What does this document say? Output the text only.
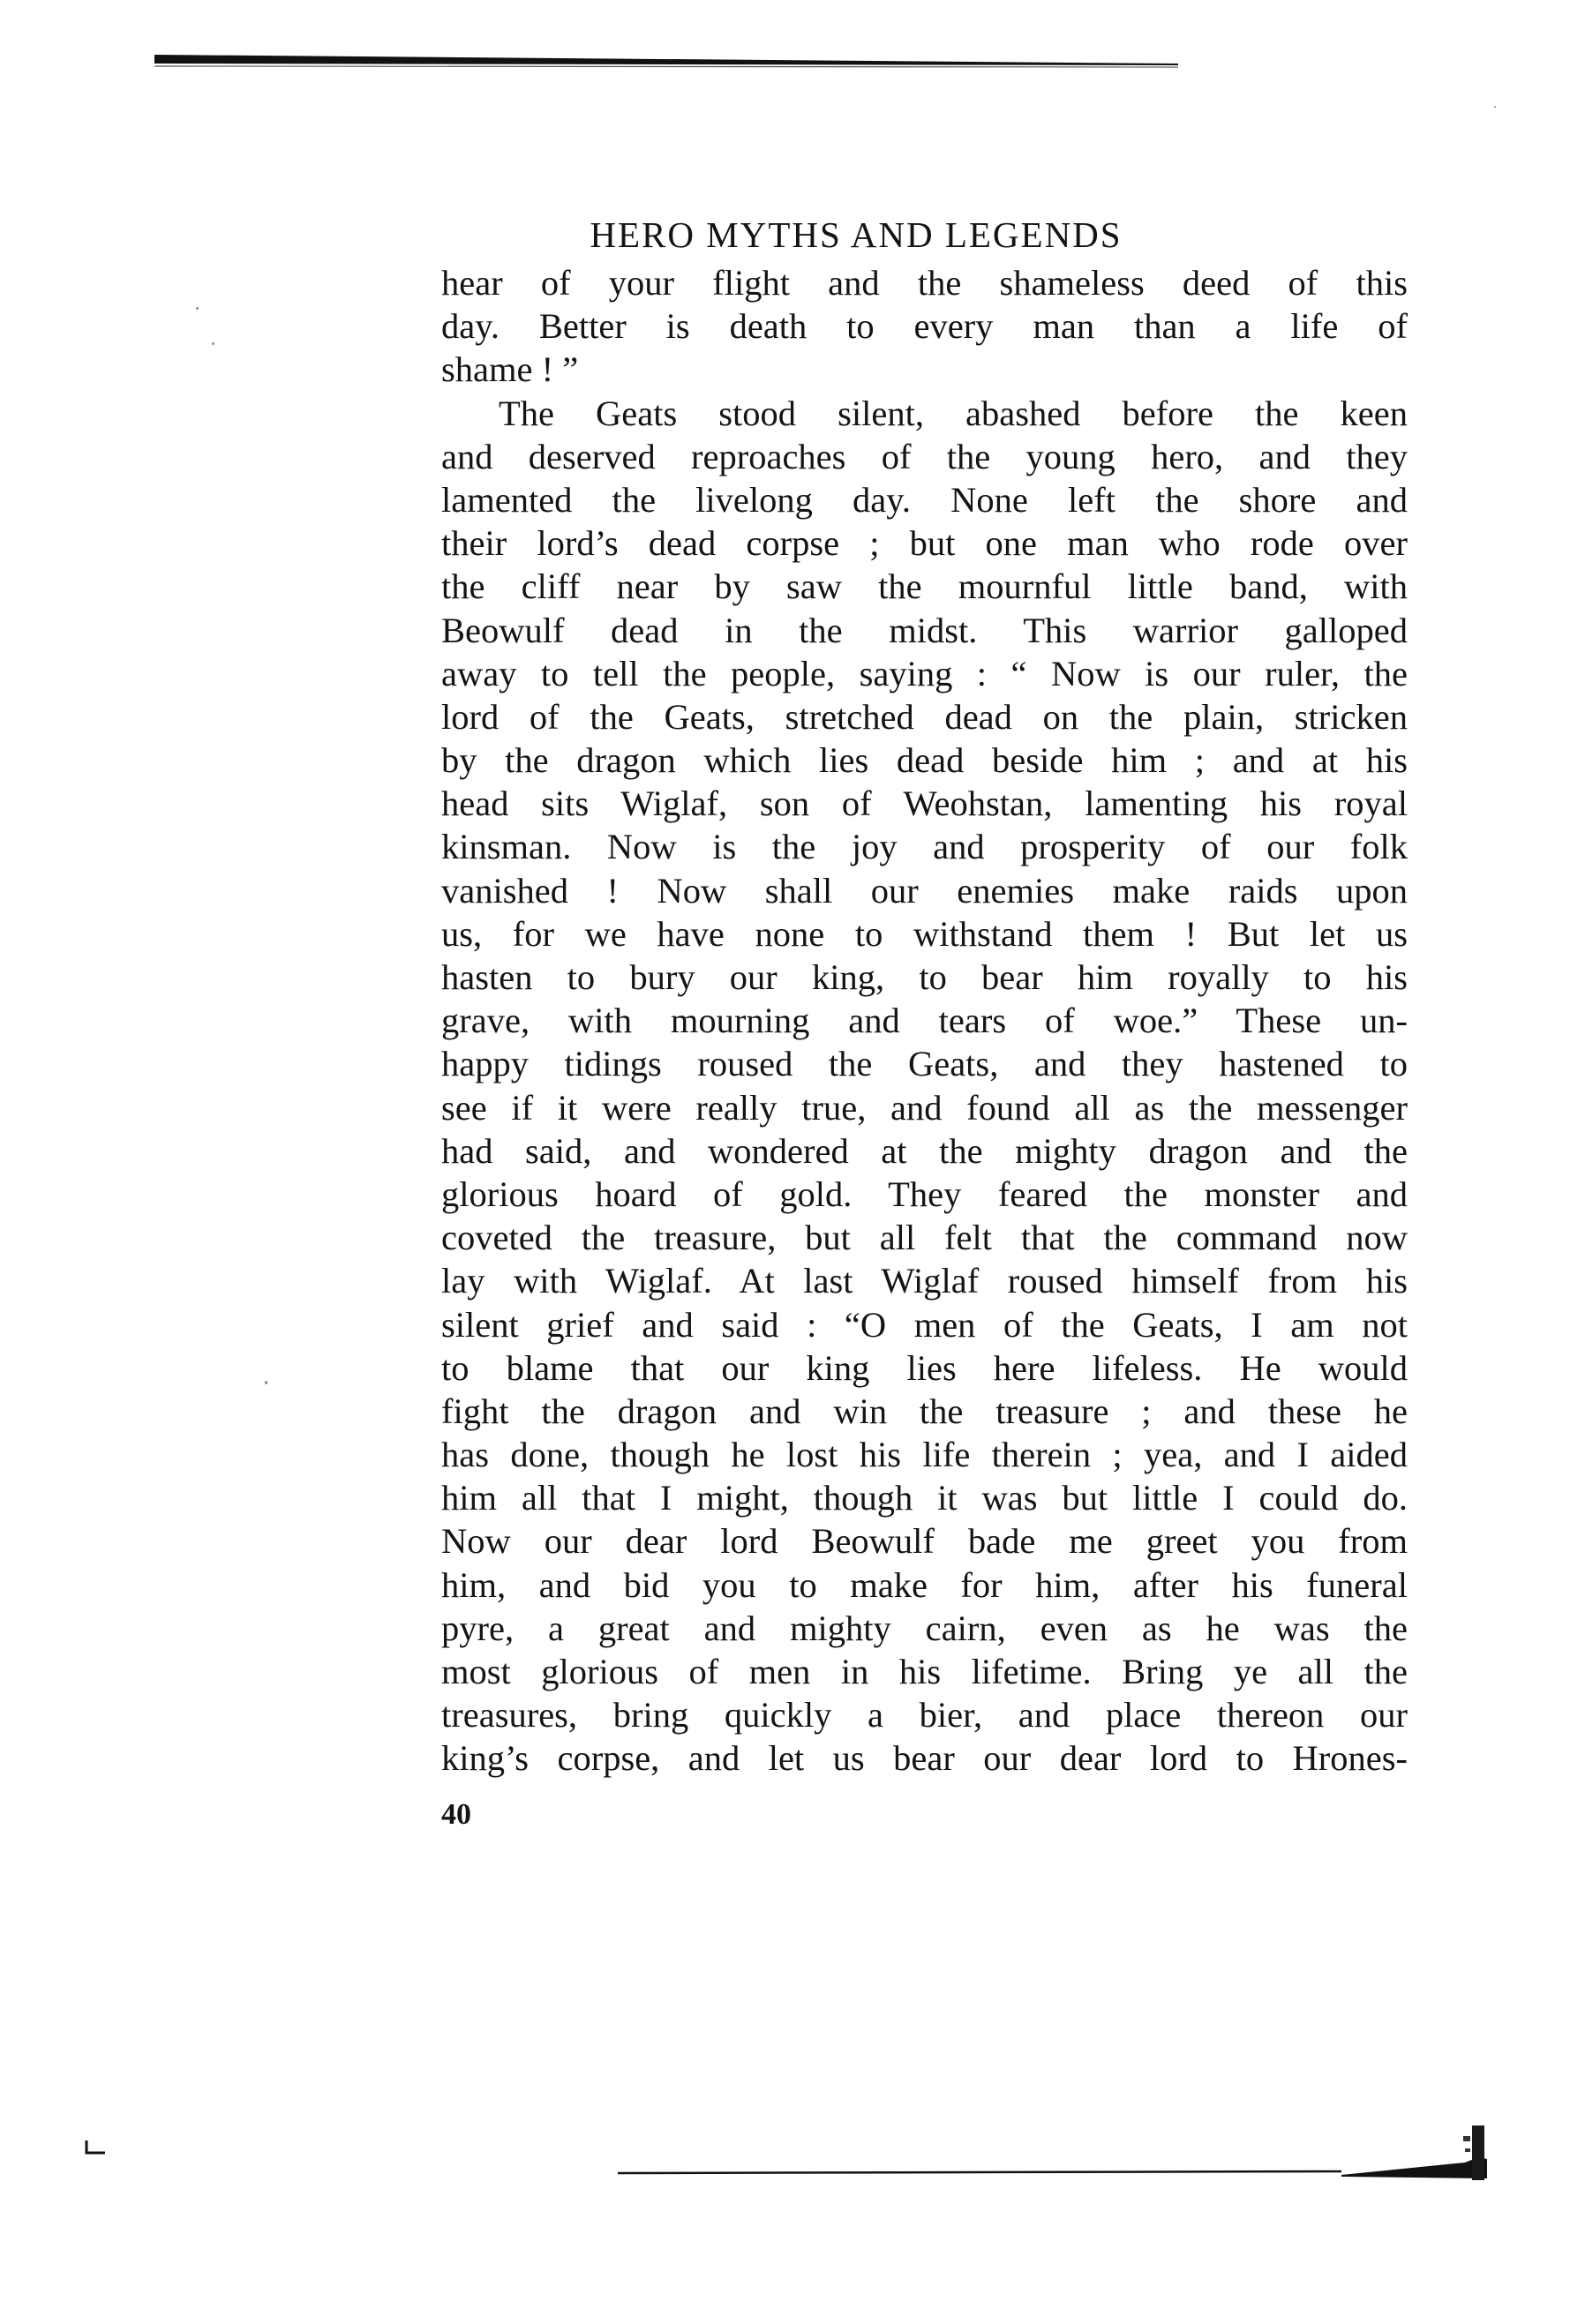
HERO MYTHS AND LEGENDS
hear of your flight and the shameless deed of this
day. Better is death to every man than a life of
shame ! ”
The Geats stood silent, abashed before the keen
and deserved reproaches of the young hero, and they
lamented the livelong day. None left the shore and
their lord’s dead corpse ; but one man who rode over
the cliff near by saw the mournful little band, with
Beowulf dead in the midst. This warrior galloped
away to tell the people, saying : “ Now is our ruler, the
lord of the Geats, stretched dead on the plain, stricken
by the dragon which lies dead beside him ; and at his
head sits Wiglaf, son of Weohstan, lamenting his royal
kinsman. Now is the joy and prosperity of our folk
vanished ! Now shall our enemies make raids upon
us, for we have none to withstand them ! But let us
hasten to bury our king, to bear him royally to his
grave, with mourning and tears of woe.” These un-
happy tidings roused the Geats, and they hastened to
see if it were really true, and found all as the messenger
had said, and wondered at the mighty dragon and the
glorious hoard of gold. They feared the monster and
coveted the treasure, but all felt that the command now
lay with Wiglaf. At last Wiglaf roused himself from his
silent grief and said : “O men of the Geats, I am not
to blame that our king lies here lifeless. He would
fight the dragon and win the treasure ; and these he
has done, though he lost his life therein ; yea, and I aided
him all that I might, though it was but little I could do.
Now our dear lord Beowulf bade me greet you from
him, and bid you to make for him, after his funeral
pyre, a great and mighty cairn, even as he was the
most glorious of men in his lifetime. Bring ye all the
treasures, bring quickly a bier, and place thereon our
king’s corpse, and let us bear our dear lord to Hrones-
40
